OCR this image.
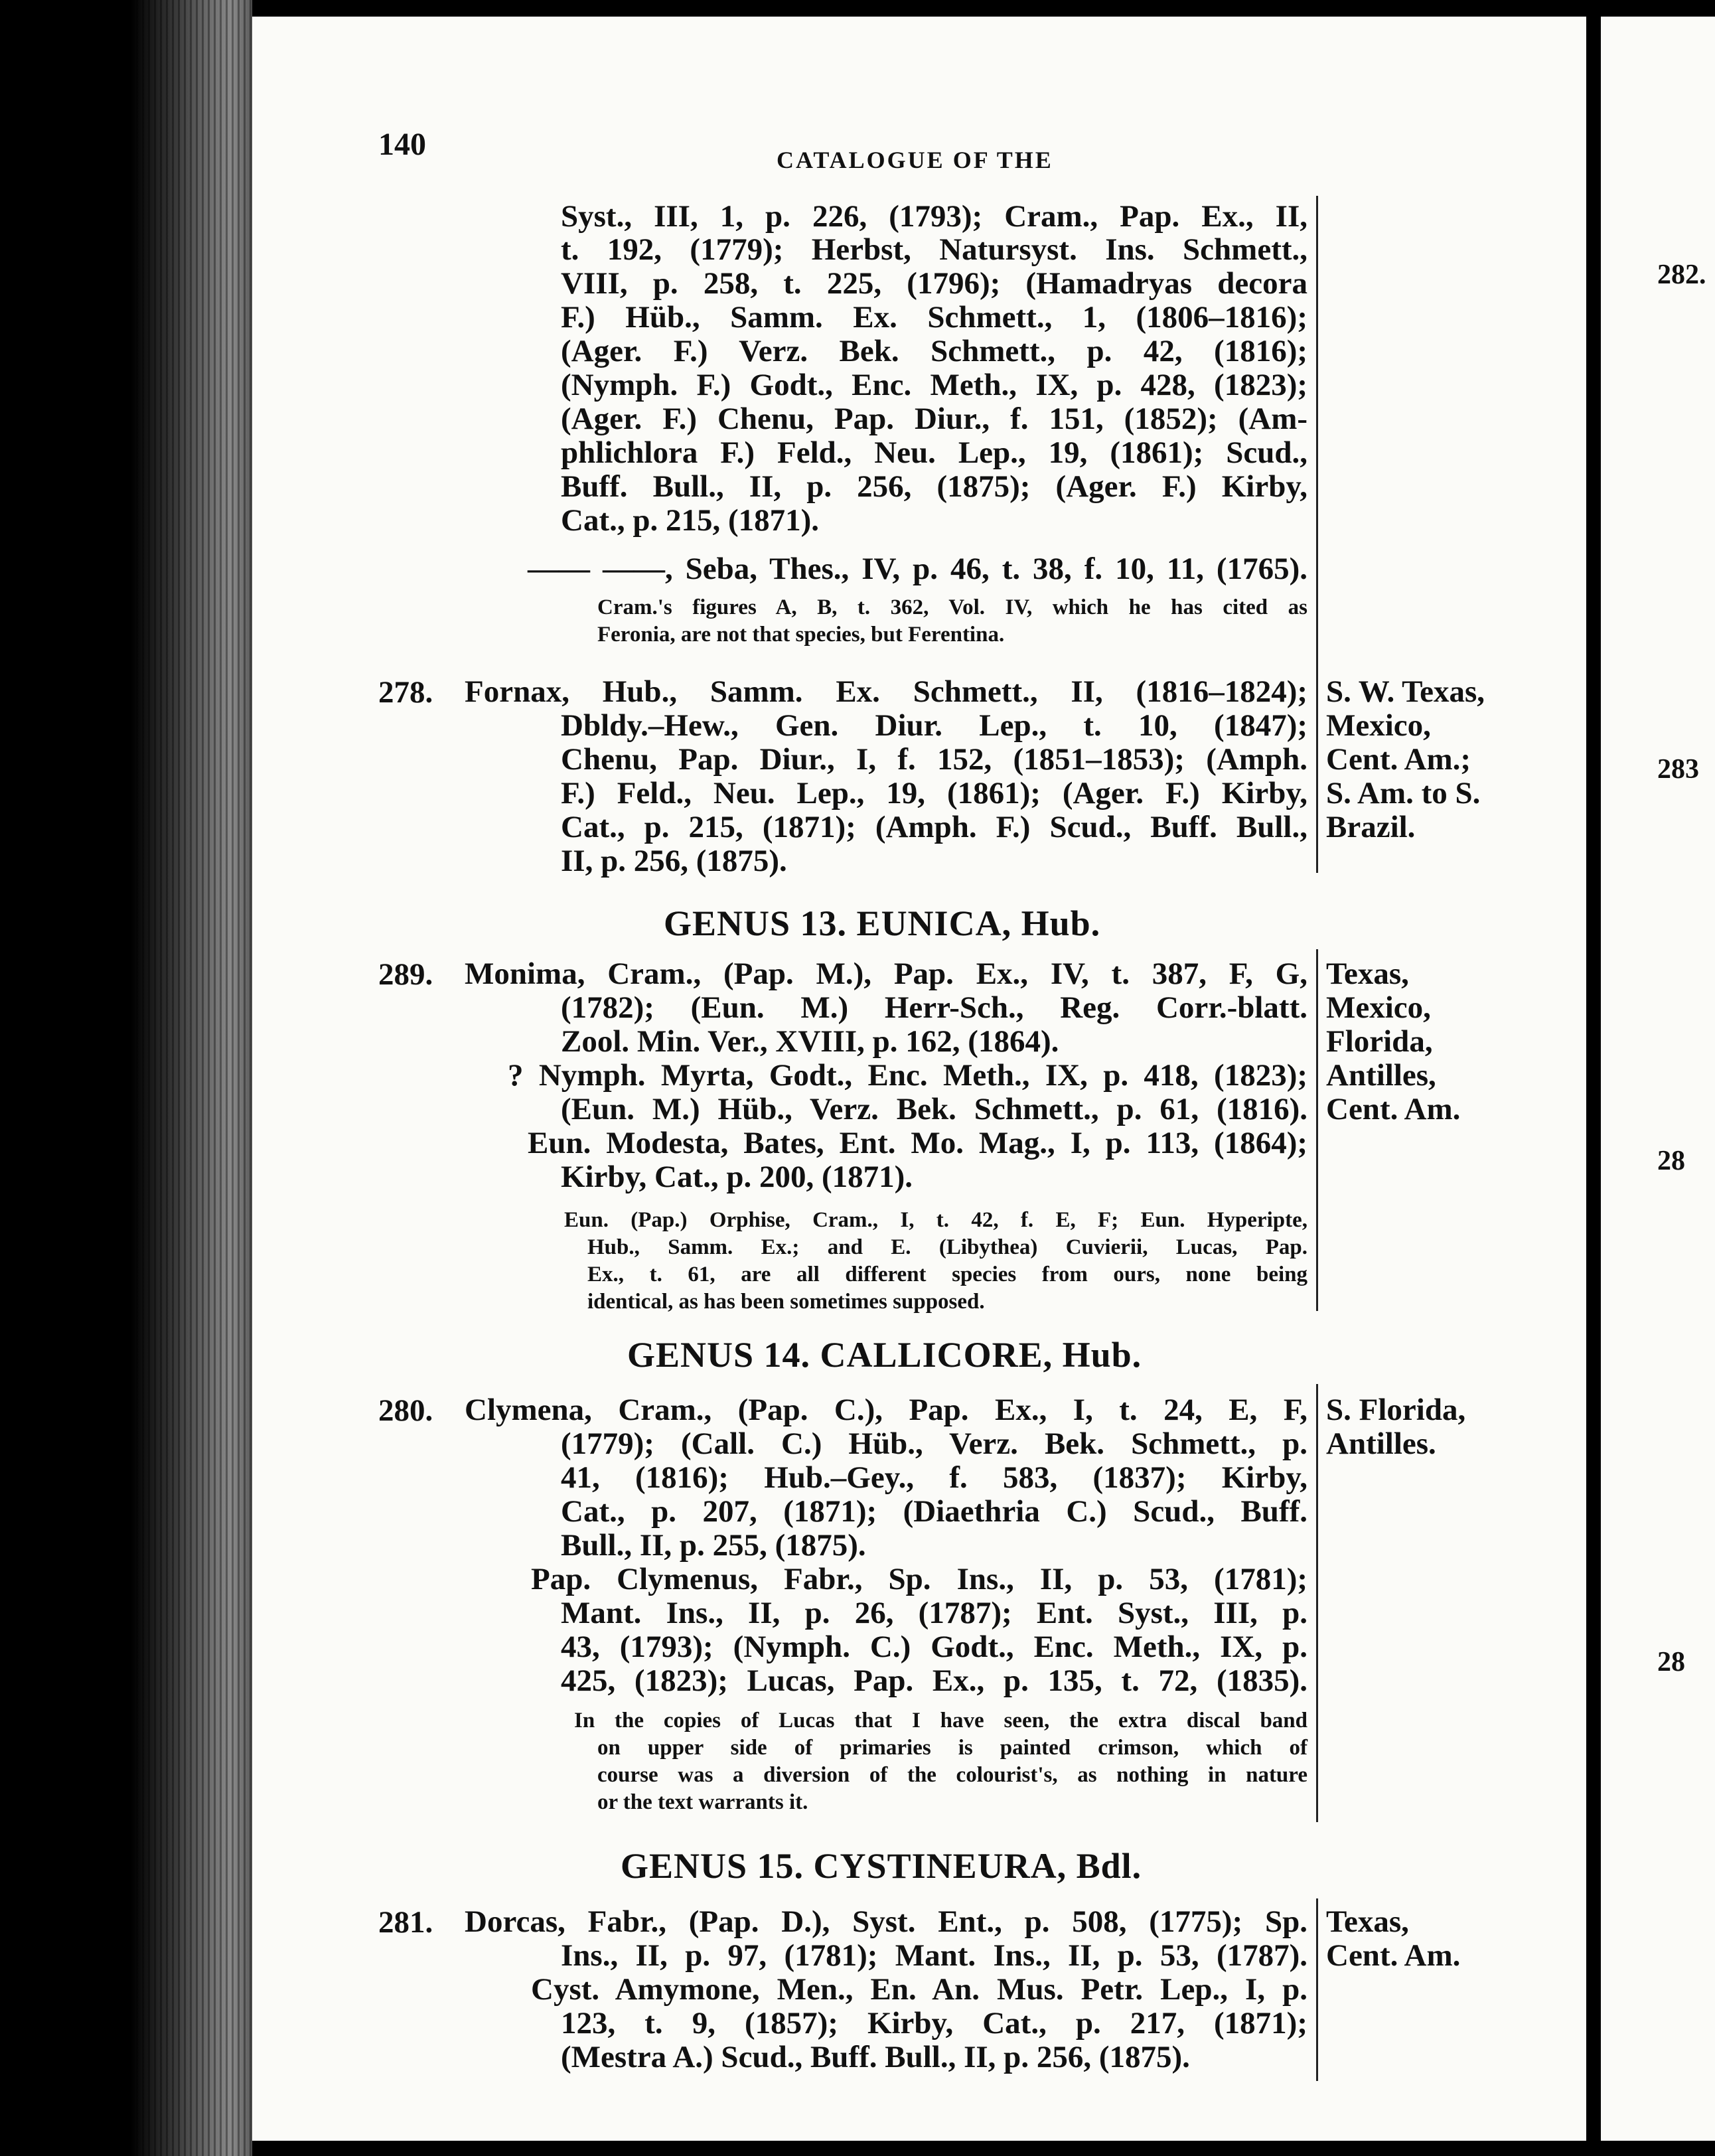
282.
283
28
28
140	CATALOGUE OF THE
Syst., III, 1, p. 226, (1793); Cram., Pap. Ex., II,
t. 192, (1779); Herbst, Natursyst. Ins. Schmett.,
VIII, p. 258, t. 225, (1796); (Hamadryas decora
F.) Hüb., Samm. Ex. Schmett., 1, (1806–1816);
(Ager. F.) Verz. Bek. Schmett., p. 42, (1816);
(Nymph. F.) Godt., Enc. Meth., IX, p. 428, (1823);
(Ager. F.) Chenu, Pap. Diur., f. 151, (1852); (Am-
phlichlora F.) Feld., Neu. Lep., 19, (1861); Scud.,
Buff. Bull., II, p. 256, (1875); (Ager. F.) Kirby,
Cat., p. 215, (1871).
—— ——, Seba, Thes., IV, p. 46, t. 38, f. 10, 11, (1765).
Cram.'s figures A, B, t. 362, Vol. IV, which he has cited as
Feronia, are not that species, but Ferentina.
278. Fornax, Hub., Samm. Ex. Schmett., II, (1816–1824);
Dbldy.–Hew., Gen. Diur. Lep., t. 10, (1847);
Chenu, Pap. Diur., I, f. 152, (1851–1853); (Amph.
F.) Feld., Neu. Lep., 19, (1861); (Ager. F.) Kirby,
Cat., p. 215, (1871); (Amph. F.) Scud., Buff. Bull.,
II, p. 256, (1875).
S. W. Texas,
Mexico,
Cent. Am.;
S. Am. to S.
Brazil.
GENUS 13. EUNICA, Hub.
289. Monima, Cram., (Pap. M.), Pap. Ex., IV, t. 387, F, G,
(1782); (Eun. M.) Herr-Sch., Reg. Corr.-blatt.
Zool. Min. Ver., XVIII, p. 162, (1864).
? Nymph. Myrta, Godt., Enc. Meth., IX, p. 418, (1823);
(Eun. M.) Hüb., Verz. Bek. Schmett., p. 61, (1816).
Eun. Modesta, Bates, Ent. Mo. Mag., I, p. 113, (1864);
Kirby, Cat., p. 200, (1871).
Eun. (Pap.) Orphise, Cram., I, t. 42, f. E, F; Eun. Hyperipte,
Hub., Samm. Ex.; and E. (Libythea) Cuvierii, Lucas, Pap.
Ex., t. 61, are all different species from ours, none being
identical, as has been sometimes supposed.
Texas,
Mexico,
Florida,
Antilles,
Cent. Am.
GENUS 14. CALLICORE, Hub.
280. Clymena, Cram., (Pap. C.), Pap. Ex., I, t. 24, E, F,
(1779); (Call. C.) Hüb., Verz. Bek. Schmett., p.
41, (1816); Hub.–Gey., f. 583, (1837); Kirby,
Cat., p. 207, (1871); (Diaethria C.) Scud., Buff.
Bull., II, p. 255, (1875).
Pap. Clymenus, Fabr., Sp. Ins., II, p. 53, (1781);
Mant. Ins., II, p. 26, (1787); Ent. Syst., III, p.
43, (1793); (Nymph. C.) Godt., Enc. Meth., IX, p.
425, (1823); Lucas, Pap. Ex., p. 135, t. 72, (1835).
In the copies of Lucas that I have seen, the extra discal band
on upper side of primaries is painted crimson, which of
course was a diversion of the colourist's, as nothing in nature
or the text warrants it.
S. Florida,
Antilles.
GENUS 15. CYSTINEURA, Bdl.
281. Dorcas, Fabr., (Pap. D.), Syst. Ent., p. 508, (1775); Sp.
Ins., II, p. 97, (1781); Mant. Ins., II, p. 53, (1787).
Cyst. Amymone, Men., En. An. Mus. Petr. Lep., I, p.
123, t. 9, (1857); Kirby, Cat., p. 217, (1871);
(Mestra A.) Scud., Buff. Bull., II, p. 256, (1875).
Texas,
Cent. Am.
